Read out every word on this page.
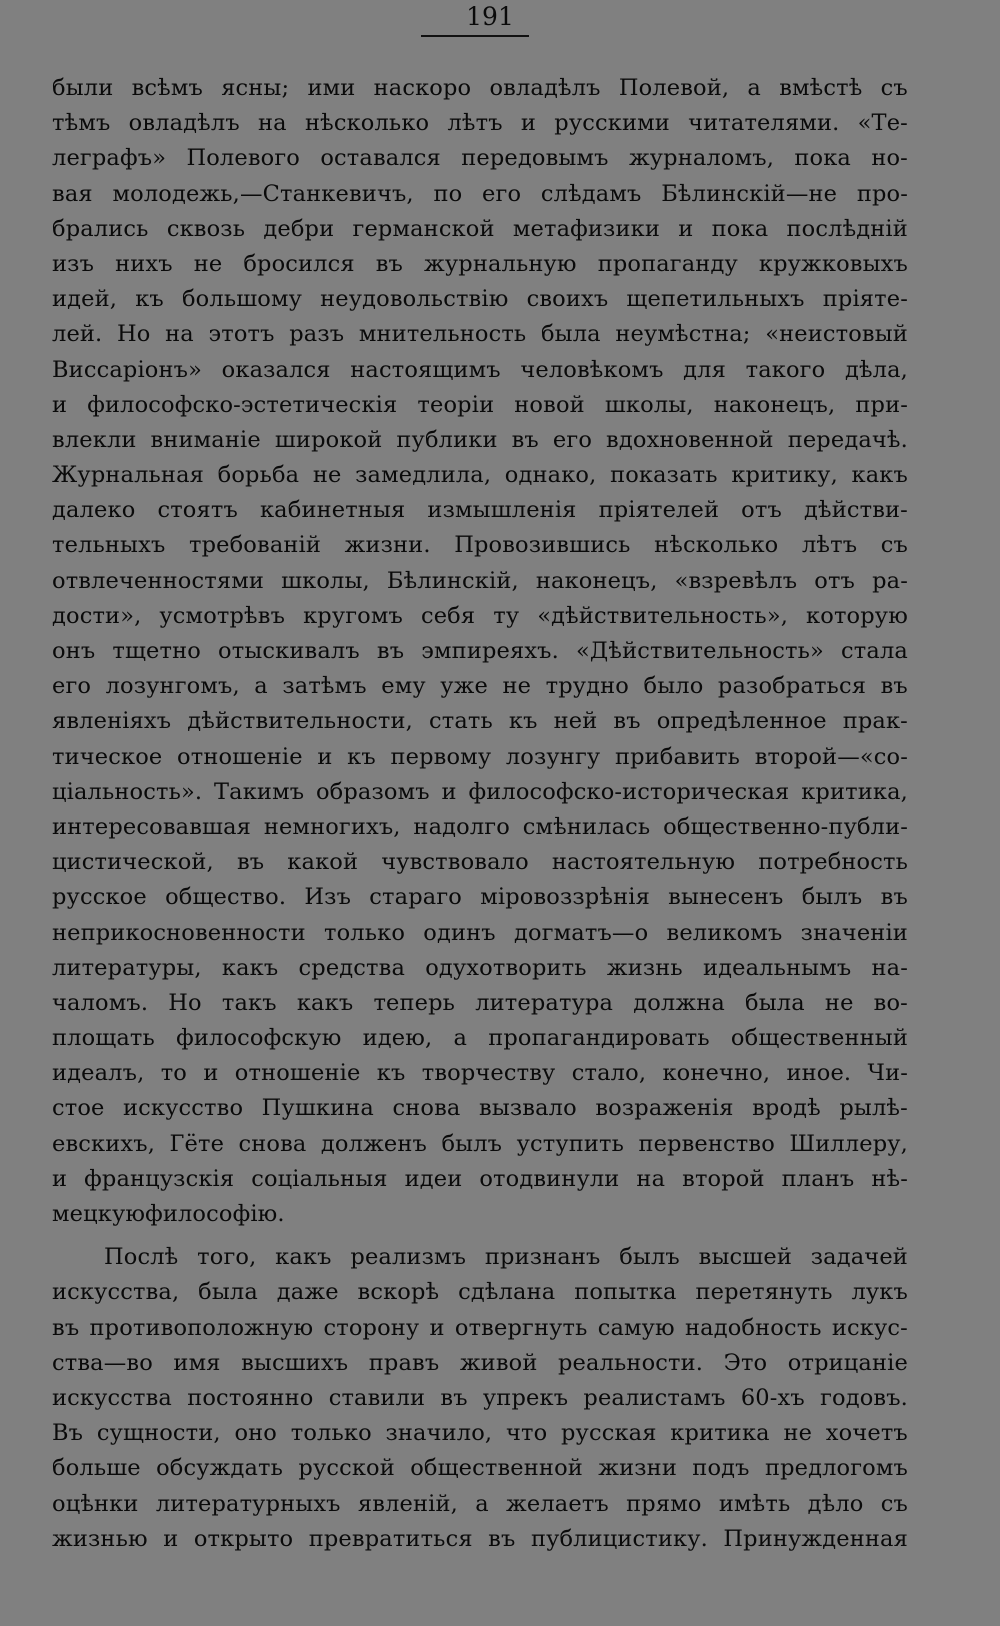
191
были всѣмъ ясны; ими наскоро овладѣлъ Полевой, а вмѣстѣ съ
тѣмъ овладѣлъ на нѣсколько лѣтъ и русскими читателями. «Те-
леграфъ» Полевого оставался передовымъ журналомъ, пока но-
вая молодежь,—Станкевичъ, по его слѣдамъ Бѣлинскій—не про-
брались сквозь дебри германской метафизики и пока послѣдній
изъ нихъ не бросился въ журнальную пропаганду кружковыхъ
идей, къ большому неудовольствію своихъ щепетильныхъ пріяте-
лей. Но на этотъ разъ мнительность была неумѣстна; «неистовый
Виссаріонъ» оказался настоящимъ человѣкомъ для такого дѣла,
и философско-эстетическія теоріи новой школы, наконецъ, при-
влекли вниманіе широкой публики въ его вдохновенной передачѣ.
Журнальная борьба не замедлила, однако, показать критику, какъ
далеко стоятъ кабинетныя измышленія пріятелей отъ дѣйстви-
тельныхъ требованій жизни. Провозившись нѣсколько лѣтъ съ
отвлеченностями школы, Бѣлинскій, наконецъ, «взревѣлъ отъ ра-
дости», усмотрѣвъ кругомъ себя ту «дѣйствительность», которую
онъ тщетно отыскивалъ въ эмпиреяхъ. «Дѣйствительность» стала
его лозунгомъ, а затѣмъ ему уже не трудно было разобраться въ
явленіяхъ дѣйствительности, стать къ ней въ опредѣленное прак-
тическое отношеніе и къ первому лозунгу прибавить второй—«со-
ціальность». Такимъ образомъ и философско-историческая критика,
интересовавшая немногихъ, надолго смѣнилась общественно-публи-
цистической, въ какой чувствовало настоятельную потребность
русское общество. Изъ стараго міровоззрѣнія вынесенъ былъ въ
неприкосновенности только одинъ догматъ—о великомъ значеніи
литературы, какъ средства одухотворить жизнь идеальнымъ на-
чаломъ. Но такъ какъ теперь литература должна была не во-
площать философскую идею, а пропагандировать общественный
идеалъ, то и отношеніе къ творчеству стало, конечно, иное. Чи-
стое искусство Пушкина снова вызвало возраженія вродѣ рылѣ-
евскихъ, Гёте снова долженъ былъ уступить первенство Шиллеру,
и французскія соціальныя идеи отодвинули на второй планъ нѣ-
мецкую философію.
Послѣ того, какъ реализмъ признанъ былъ высшей задачей
искусства, была даже вскорѣ сдѣлана попытка перетянуть лукъ
въ противоположную сторону и отвергнуть самую надобность искус-
ства—во имя высшихъ правъ живой реальности. Это отрицаніе
искусства постоянно ставили въ упрекъ реалистамъ 60-хъ годовъ.
Въ сущности, оно только значило, что русская критика не хочетъ
больше обсуждать русской общественной жизни подъ предлогомъ
оцѣнки литературныхъ явленій, а желаетъ прямо имѣть дѣло съ
жизнью и открыто превратиться въ публицистику. Принужденная
